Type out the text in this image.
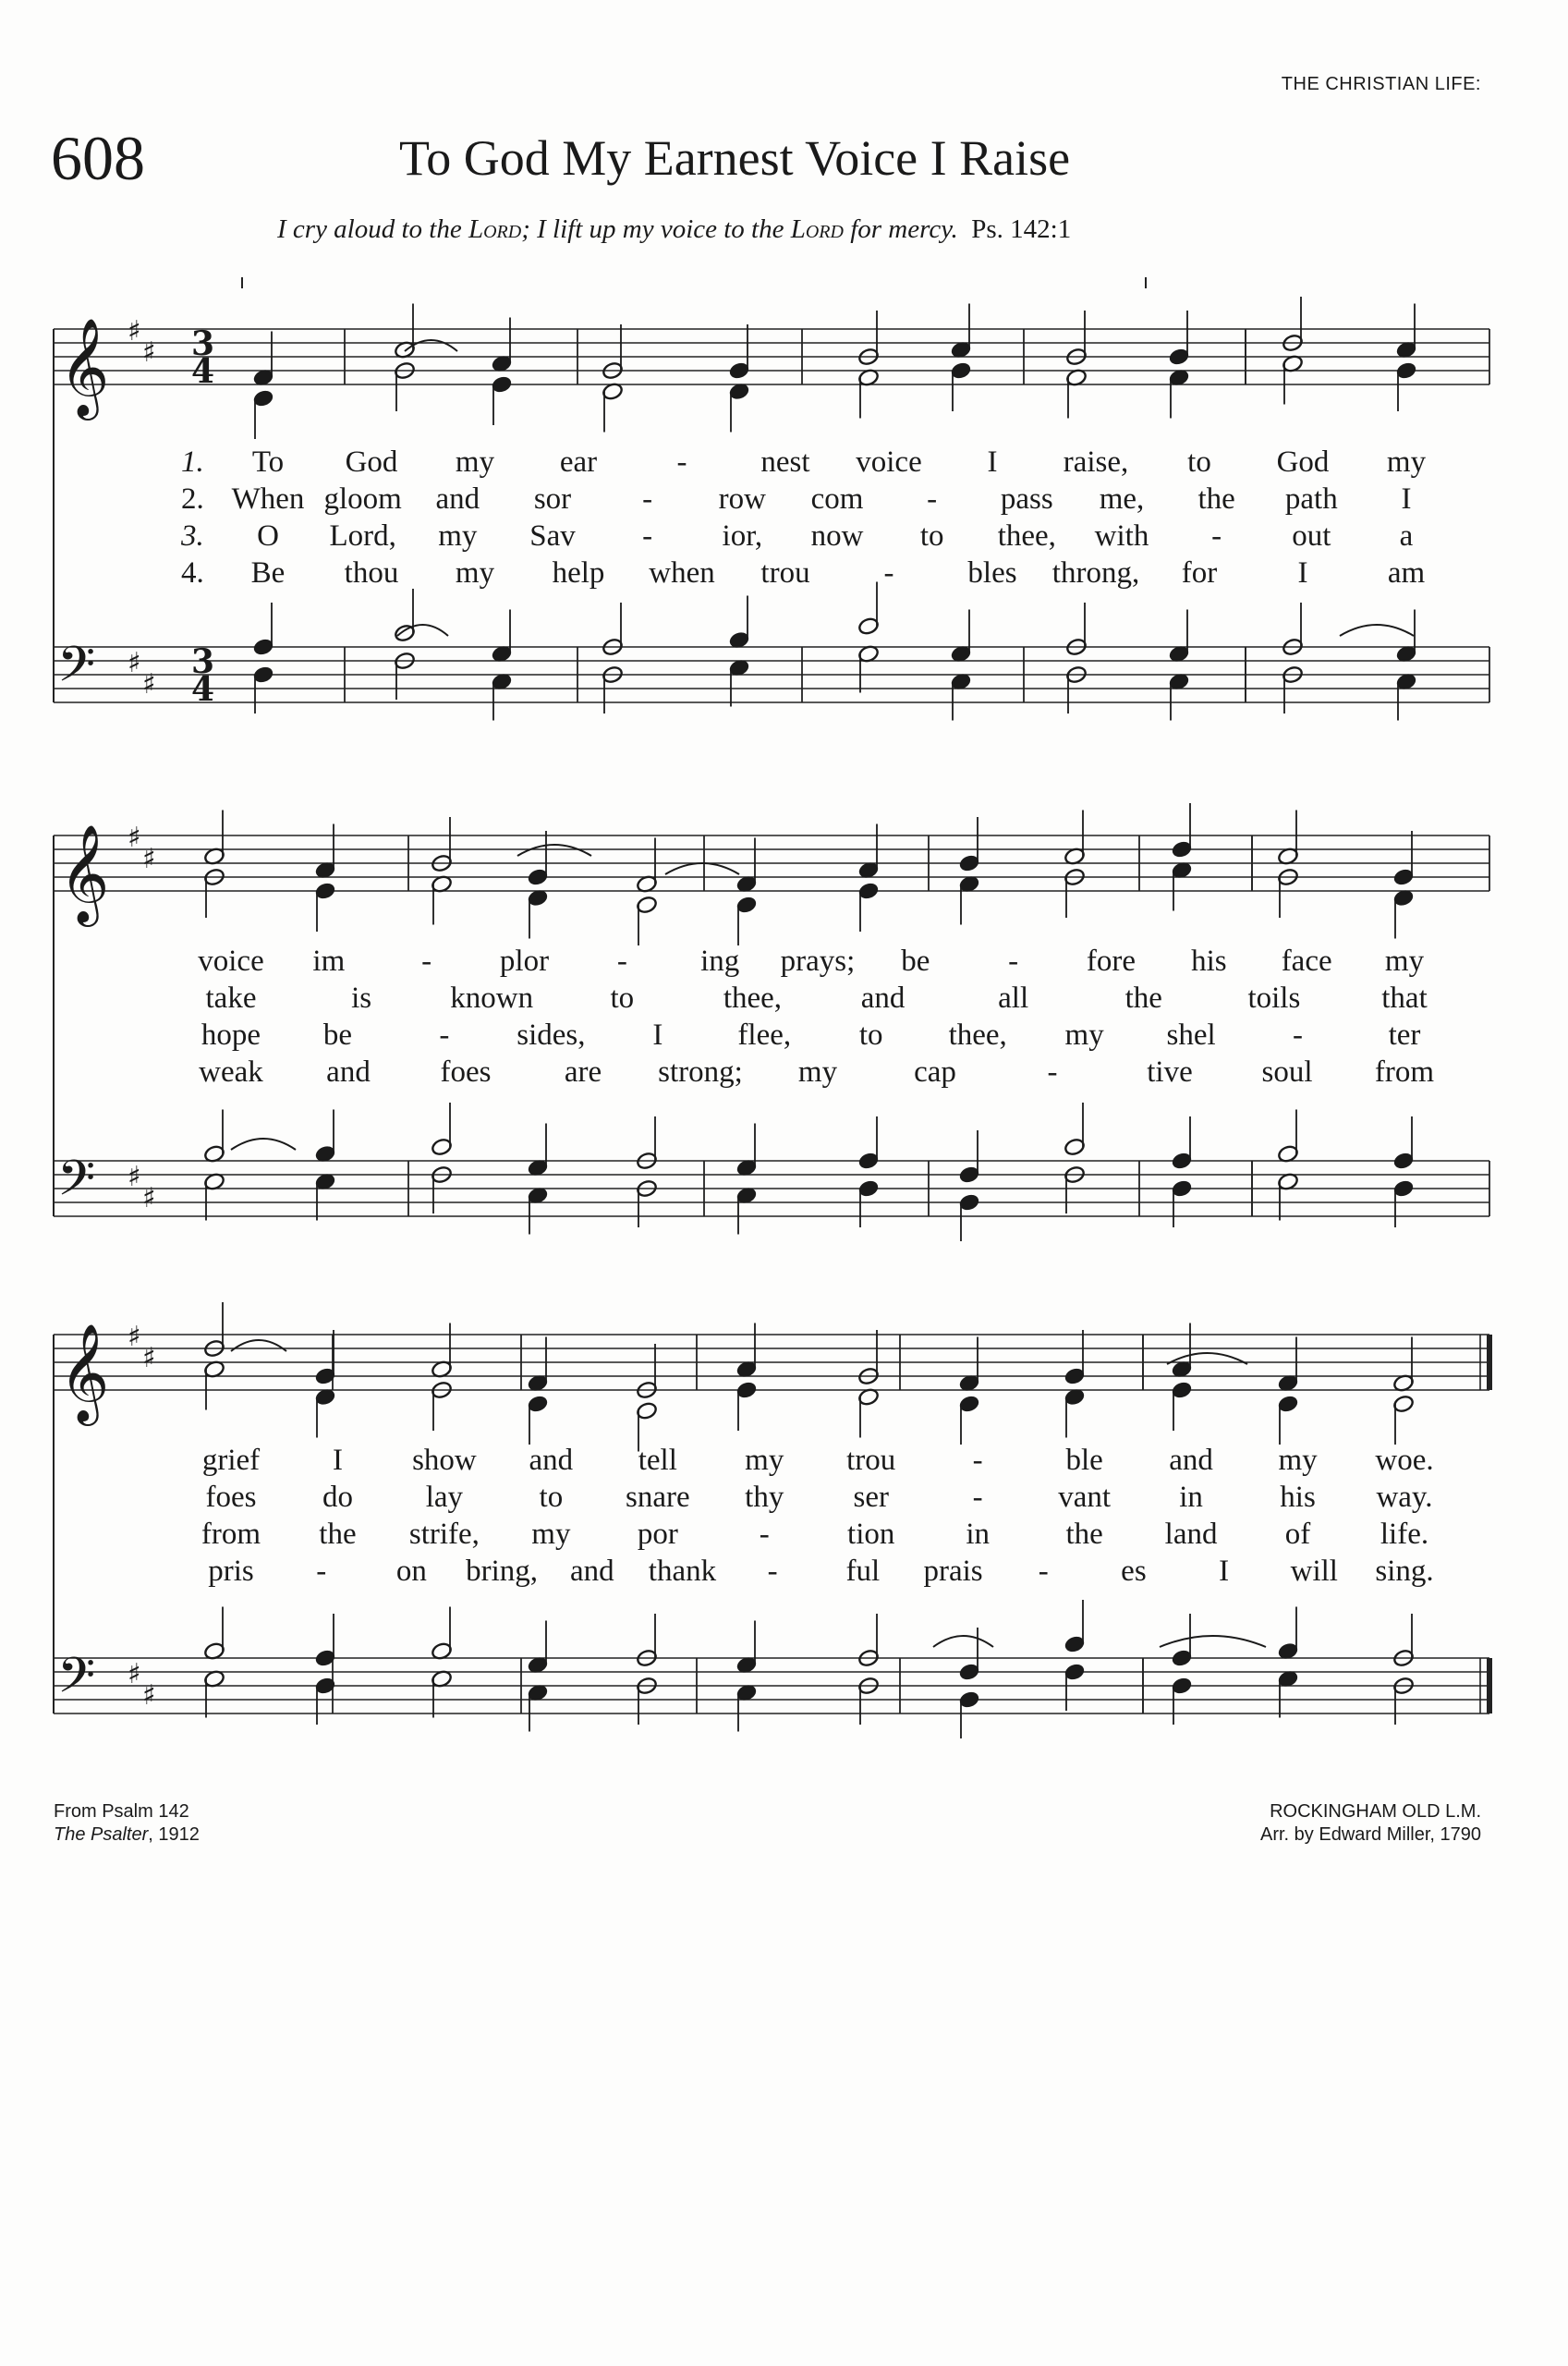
THE CHRISTIAN LIFE:
608	To God My Earnest Voice I Raise
I cry aloud to the Lord; I lift up my voice to the Lord for mercy. Ps. 142:1
𝄞
𝄢
♯
♯
♯
♯
3
4
3
4
1. To God my ear	- nest voice I raise, to God my
2. When gloom and sor - row com - pass me, the path I
3. O Lord, my Sav - ior, now to thee, with - out a
4. Be thou my help when trou - bles throng, for	I	am
𝄞
𝄢
♯
♯
♯
♯
voice im	- plor - ing prays; be	- fore his face my
take	is	known	to	thee,	and	all	the	toils	that
hope be	- sides, I flee, to thee, my shel	-	ter
weak and foes are strong; my	cap	-	tive soul from
𝄞
𝄢
♯
♯
♯
♯
grief I show and tell my trou	-	ble and my woe.
foes do lay to snare thy ser	- vant in	his way.
from the strife, my por	-	tion in the land of life.
pris - on bring, and thank - ful prais - es I will sing.
From Psalm 142
The Psalter, 1912
ROCKINGHAM OLD L.M.
Arr. by Edward Miller, 1790
